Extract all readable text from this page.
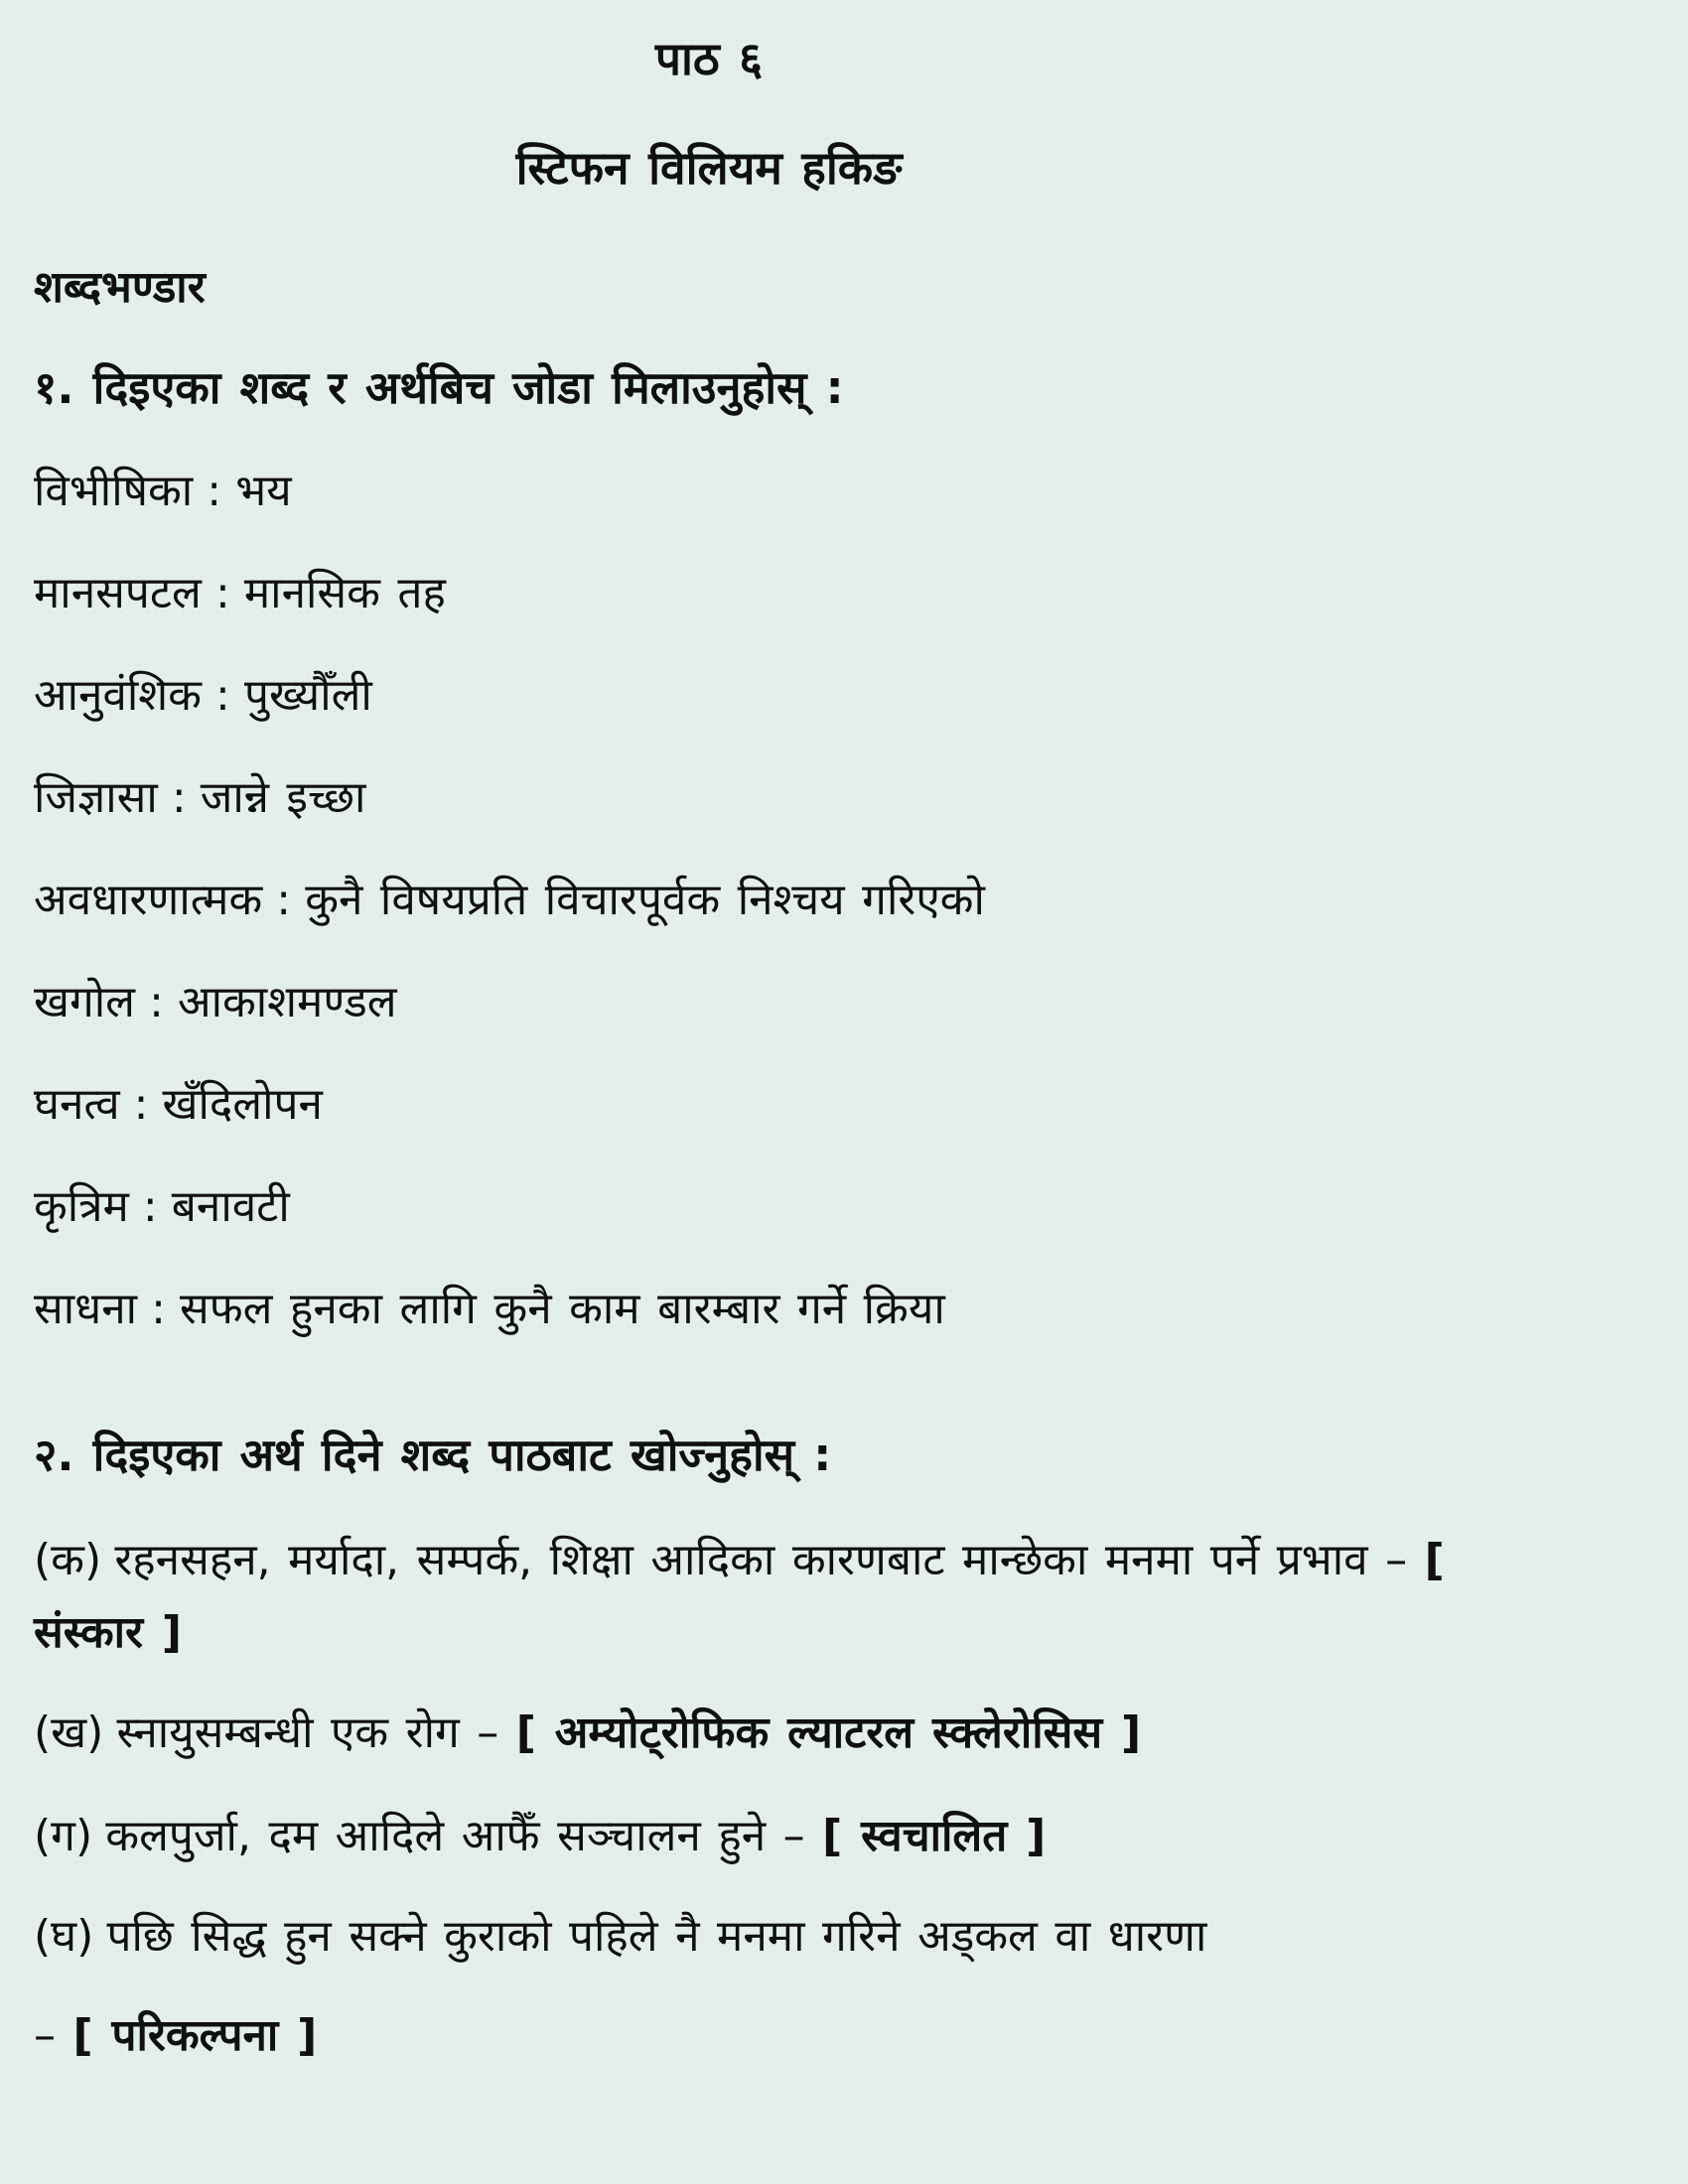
पाठ ६
स्टिफन विलियम हकिङ
शब्दभण्डार
१. दिइएका शब्द र अर्थबिच जोडा मिलाउनुहोस् :
विभीषिका : भय
मानसपटल : मानसिक तह
आनुवंशिक : पुख्यौँली
जिज्ञासा : जान्ने इच्छा
अवधारणात्मक : कुनै विषयप्रति विचारपूर्वक निश्चय गरिएको
खगोल : आकाशमण्डल
घनत्व : खँदिलोपन
कृत्रिम : बनावटी
साधना : सफल हुनका लागि कुनै काम बारम्बार गर्ने क्रिया
२. दिइएका अर्थ दिने शब्द पाठबाट खोज्नुहोस् :
(क) रहनसहन, मर्यादा, सम्पर्क, शिक्षा आदिका कारणबाट मान्छेका मनमा पर्ने प्रभाव – [
संस्कार ]
(ख) स्नायुसम्बन्धी एक रोग – [ अम्योट्रोफिक ल्याटरल स्क्लेरोसिस ]
(ग) कलपुर्जा, दम आदिले आफैँ सञ्चालन हुने – [ स्वचालित ]
(घ) पछि सिद्ध हुन सक्ने कुराको पहिले नै मनमा गरिने अड्कल वा धारणा
– [ परिकल्पना ]
